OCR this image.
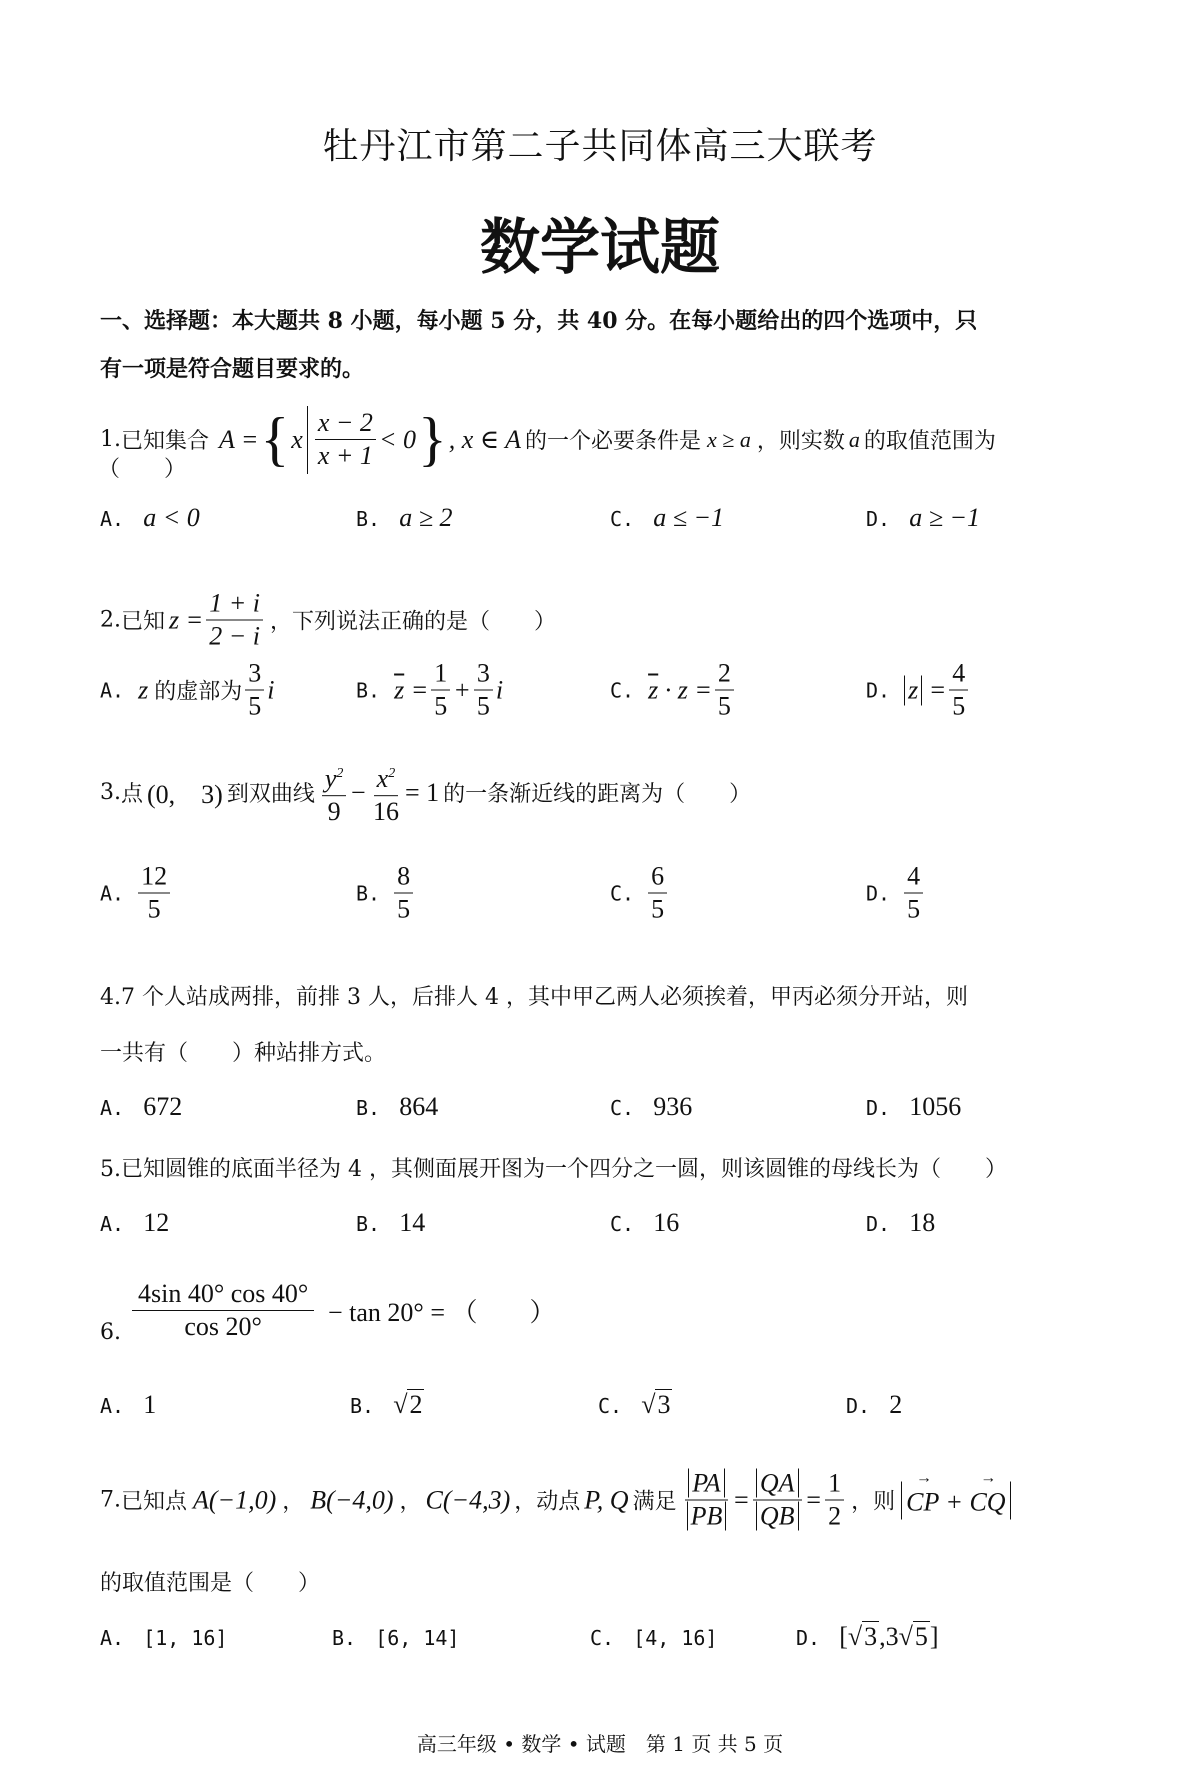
牡丹江市第二子共同体高三大联考
数学试题
一、选择题：本大题共 8 小题，每小题 5 分，共 40 分。在每小题给出的四个选项中，只
有一项是符合题目要求的。
1. 已知集合 A = { x $\frac{x - 2}{x + 1} < 0$ } , x ∈ A 的一个必要条件是 x ≥ a ，则实数 a 的取值范围为
（　　）
A. a < 0	B. a ≥ 2	C. a ≤ −1	D. a ≥ −1
2. 已知 $z = \frac{1 + i}{2 - i}$ ，下列说法正确的是（　　）
A. z 的虚部为 $\frac{3}{5}$ i	B. $\overline{z} = \frac{1}{5} + \frac{3}{5}$ i	C. $\overline{z} \cdot z = \frac{2}{5}$	D. $z = \frac{4}{5}$
3. 点 (0,　3) 到双曲线 $\frac{y^2}{9} - \frac{x^2}{16} = 1$ 的一条渐近线的距离为（　　）
A. $\frac{12}{5}$	B. $\frac{8}{5}$	C. $\frac{6}{5}$	D. $\frac{4}{5}$
4.7 个人站成两排，前排 3 人，后排人 4 ，其中甲乙两人必须挨着，甲丙必须分开站，则
一共有（　　）种站排方式。
A. 672	B. 864	C. 936	D. 1056
5.已知圆锥的底面半径为 4 ，其侧面展开图为一个四分之一圆，则该圆锥的母线长为（　　）
A. 12	B. 14	C. 16	D. 18
$\frac{4\sin 40^\circ \cos 40^\circ}{\cos 20^\circ} - \tan 20^\circ$ = （　　）
6.
A. 1	B. √2	C. √3	D. 2
7. 已知点 A(−1,0) ， B(−4,0) ， C(−4,3) ，动点 P, Q 满足 $\frac{PA}{PB} = \frac{QA}{QB} = \frac{1}{2}$ ，则 → CP + → CQ
的取值范围是（　　）
A. [1, 16]	B. [6, 14]	C. [4, 16]	D. [√3,3√5]
高三年级 • 数学 • 试题　第 1 页 共 5 页
